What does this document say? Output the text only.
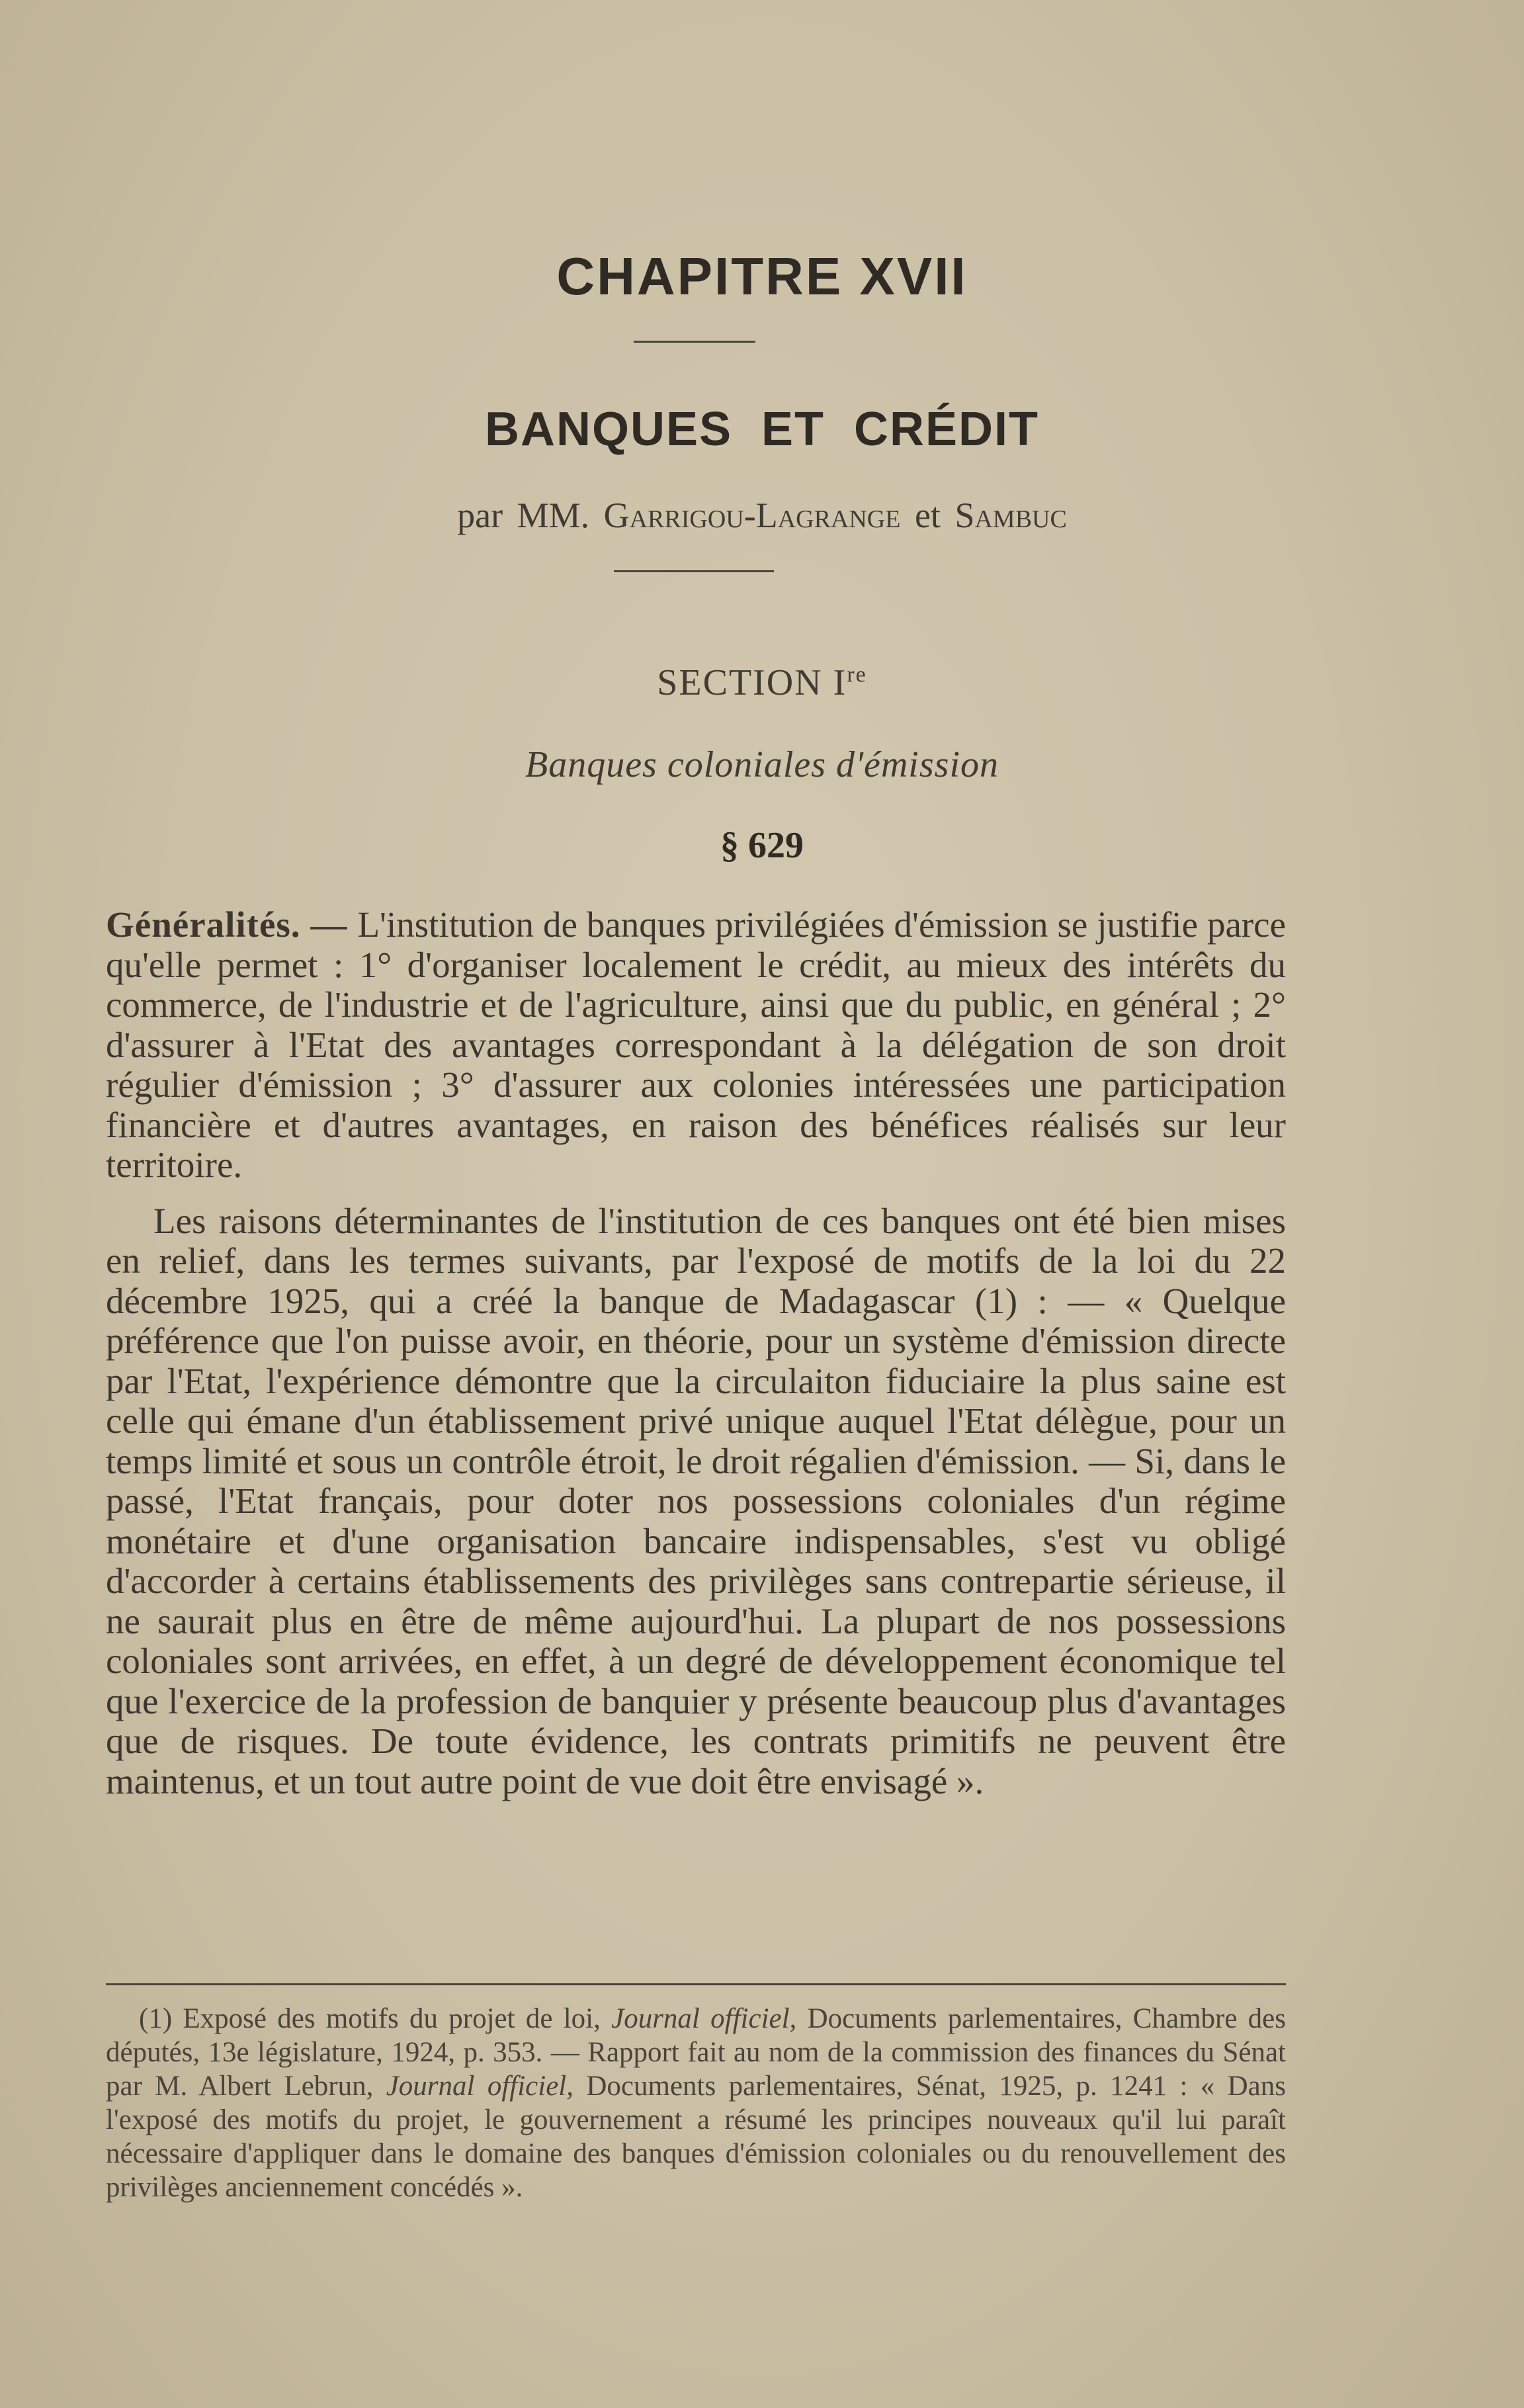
CHAPITRE XVII
BANQUES ET CRÉDIT
par MM. Garrigou-Lagrange et Sambuc
SECTION Ire
Banques coloniales d'émission
§ 629

Généralités. — L'institution de banques privilégiées d'émission se justifie parce qu'elle permet : 1° d'organiser localement le crédit, au mieux des intérêts du commerce, de l'industrie et de l'agriculture, ainsi que du public, en général ; 2° d'assurer à l'Etat des avantages correspondant à la délégation de son droit régulier d'émission ; 3° d'assurer aux colonies intéressées une participation financière et d'autres avantages, en raison des bénéfices réalisés sur leur territoire.

Les raisons déterminantes de l'institution de ces banques ont été bien mises en relief, dans les termes suivants, par l'exposé de motifs de la loi du 22 décembre 1925, qui a créé la banque de Madagascar (1) : — « Quelque préférence que l'on puisse avoir, en théorie, pour un système d'émission directe par l'Etat, l'expérience démontre que la circulaiton fiduciaire la plus saine est celle qui émane d'un établissement privé unique auquel l'Etat délègue, pour un temps limité et sous un contrôle étroit, le droit régalien d'émission. — Si, dans le passé, l'Etat français, pour doter nos possessions coloniales d'un régime monétaire et d'une organisation bancaire indispensables, s'est vu obligé d'accorder à certains établissements des privilèges sans contrepartie sérieuse, il ne saurait plus en être de même aujourd'hui. La plupart de nos possessions coloniales sont arrivées, en effet, à un degré de développement économique tel que l'exercice de la profession de banquier y présente beaucoup plus d'avantages que de risques. De toute évidence, les contrats primitifs ne peuvent être maintenus, et un tout autre point de vue doit être envisagé ».

(1) Exposé des motifs du projet de loi, Journal officiel, Documents parlementaires, Chambre des députés, 13e législature, 1924, p. 353. — Rapport fait au nom de la commission des finances du Sénat par M. Albert Lebrun, Journal officiel, Documents parlementaires, Sénat, 1925, p. 1241 : « Dans l'exposé des motifs du projet, le gouvernement a résumé les principes nouveaux qu'il lui paraît nécessaire d'appliquer dans le domaine des banques d'émission coloniales ou du renouvellement des privilèges anciennement concédés ».
